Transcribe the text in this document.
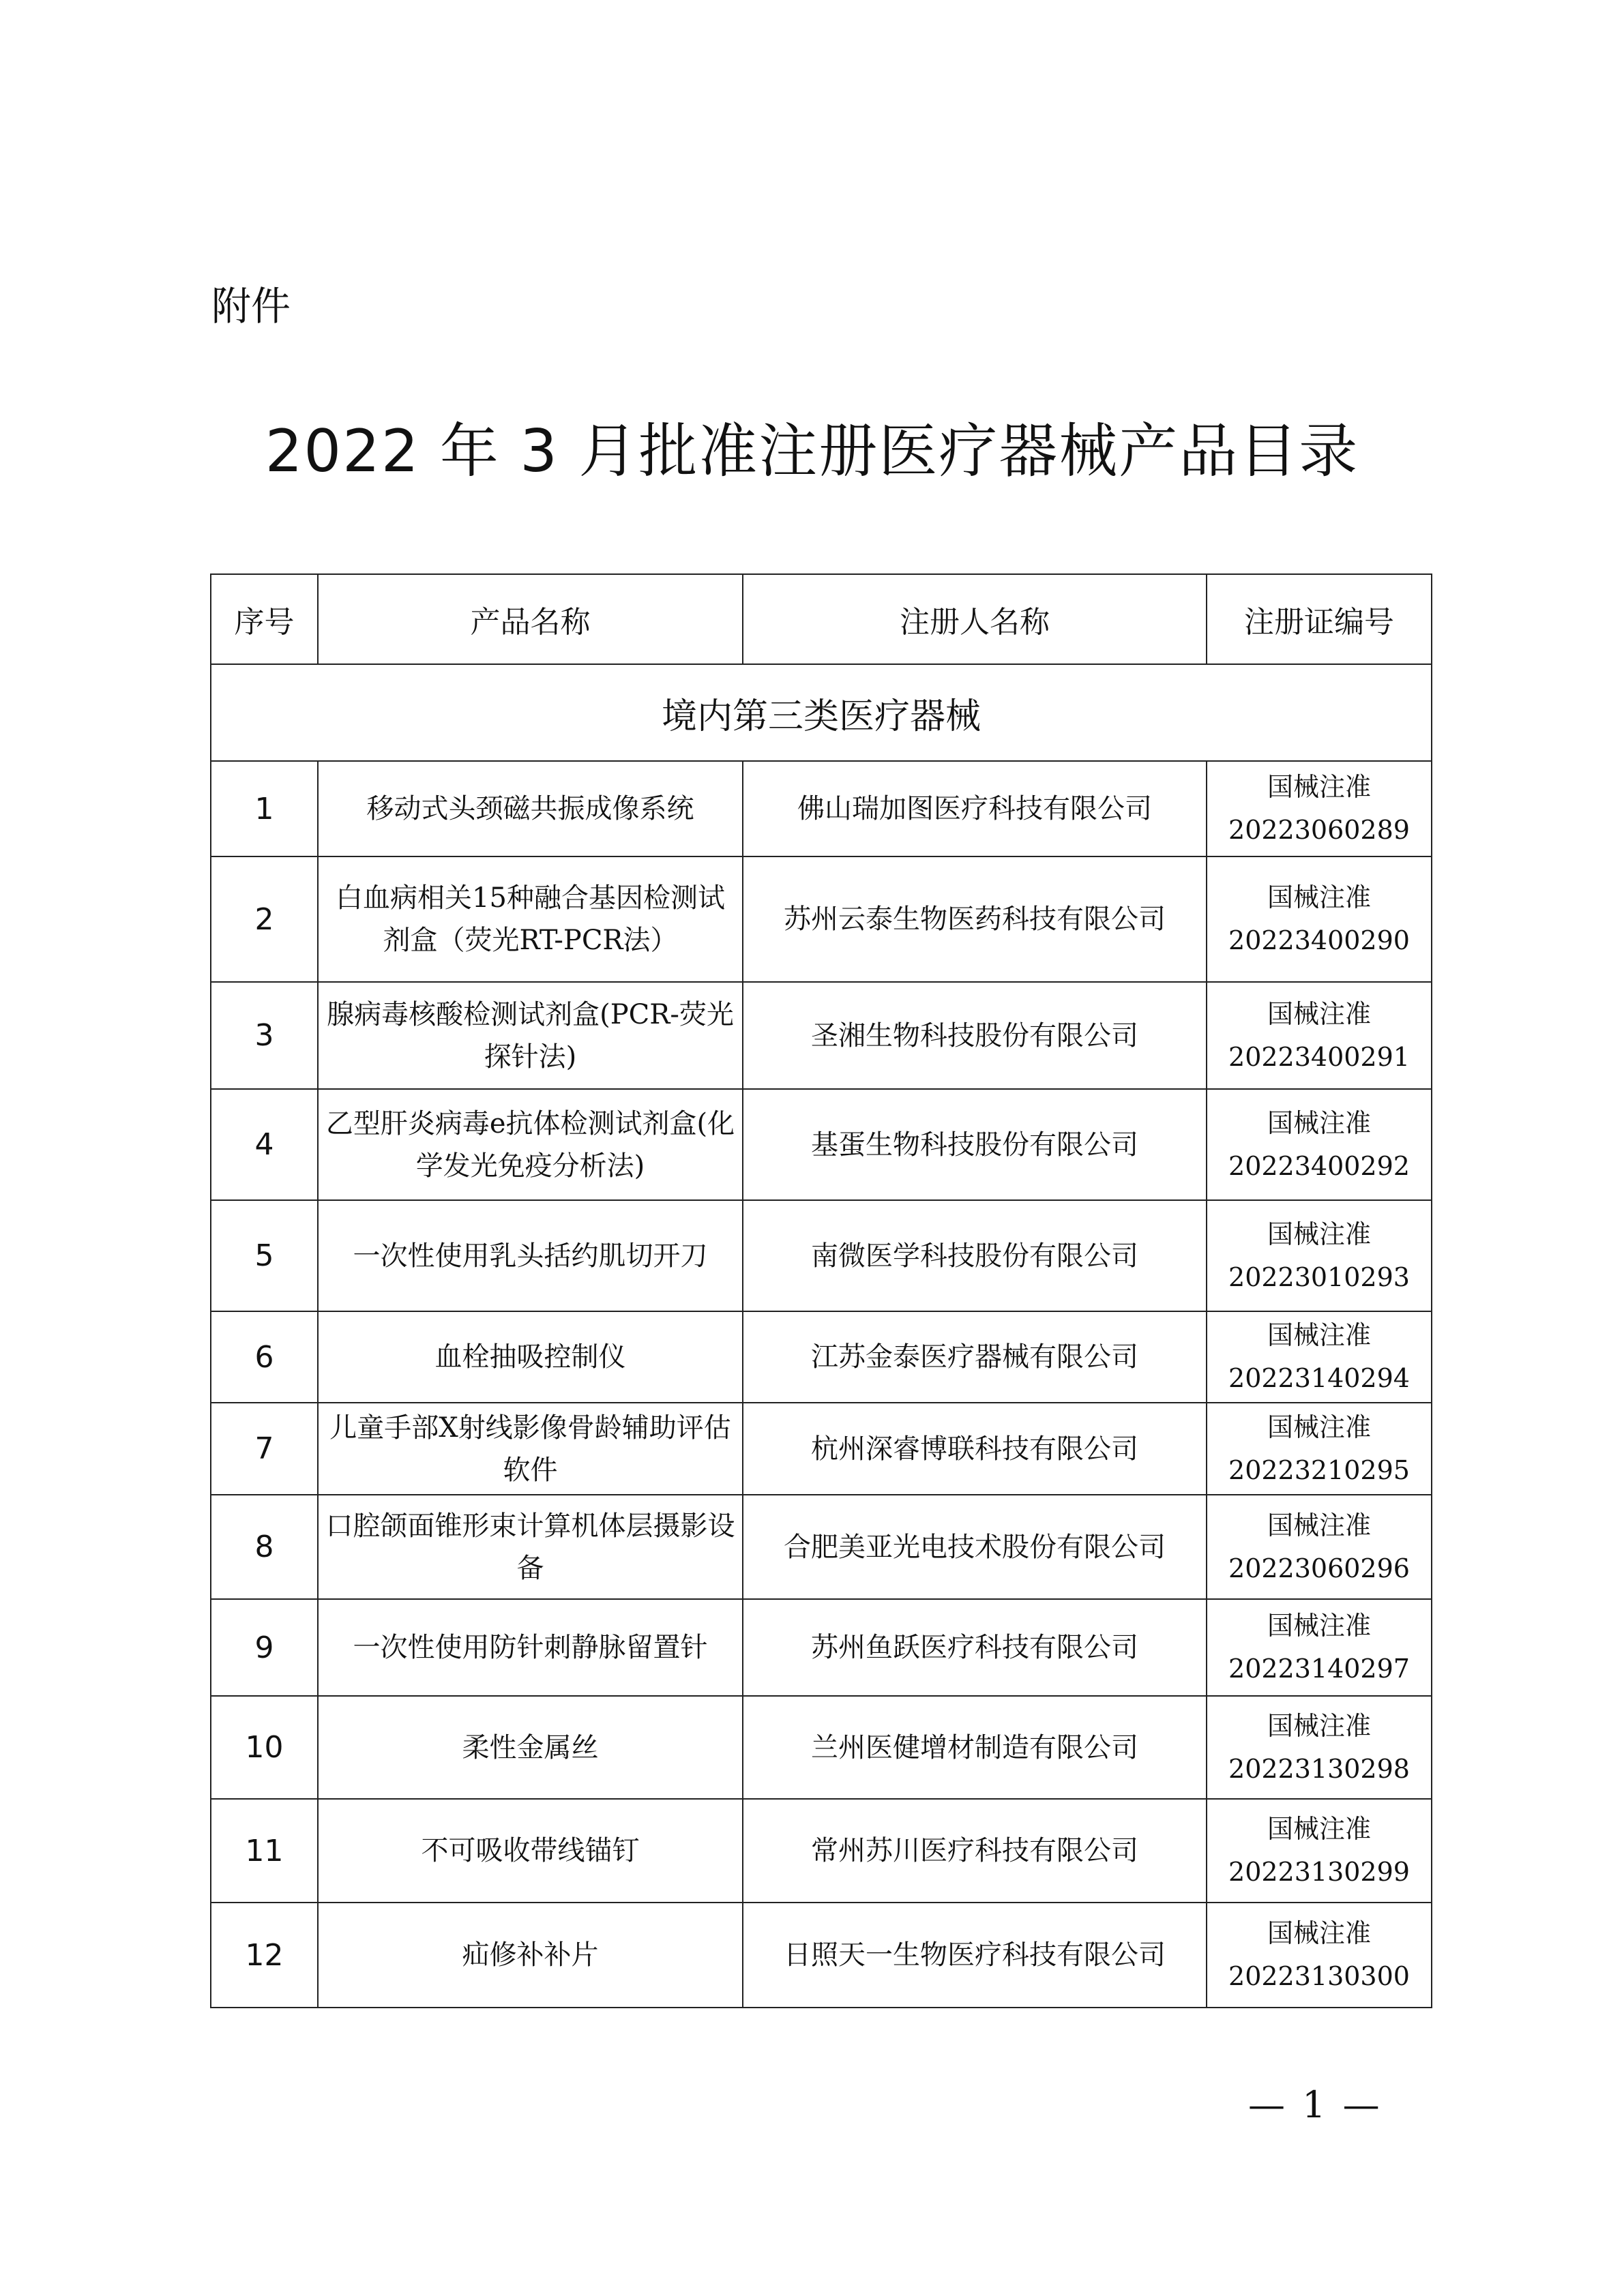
附件
2022 年 3 月批准注册医疗器械产品目录
序号	产品名称	注册人名称	注册证编号
境内第三类医疗器械			
1	移动式头颈磁共振成像系统	佛山瑞加图医疗科技有限公司	国械注准
20223060289

2	白血病相关15种融合基因检测试剂盒（荧光RT-PCR法）	苏州云泰生物医药科技有限公司	国械注准
20223400290

3	腺病毒核酸检测试剂盒(PCR-荧光探针法)	圣湘生物科技股份有限公司	国械注准
20223400291

4	乙型肝炎病毒e抗体检测试剂盒(化学发光免疫分析法)	基蛋生物科技股份有限公司	国械注准
20223400292

5	一次性使用乳头括约肌切开刀	南微医学科技股份有限公司	国械注准
20223010293

6	血栓抽吸控制仪	江苏金泰医疗器械有限公司	国械注准
20223140294

7	儿童手部X射线影像骨龄辅助评估软件	杭州深睿博联科技有限公司	国械注准
20223210295

8	口腔颌面锥形束计算机体层摄影设备	合肥美亚光电技术股份有限公司	国械注准
20223060296

9	一次性使用防针刺静脉留置针	苏州鱼跃医疗科技有限公司	国械注准
20223140297

10	柔性金属丝	兰州医健增材制造有限公司	国械注准
20223130298

11	不可吸收带线锚钉	常州苏川医疗科技有限公司	国械注准
20223130299

12	疝修补补片	日照天一生物医疗科技有限公司	国械注准
20223130300
— 1 —
